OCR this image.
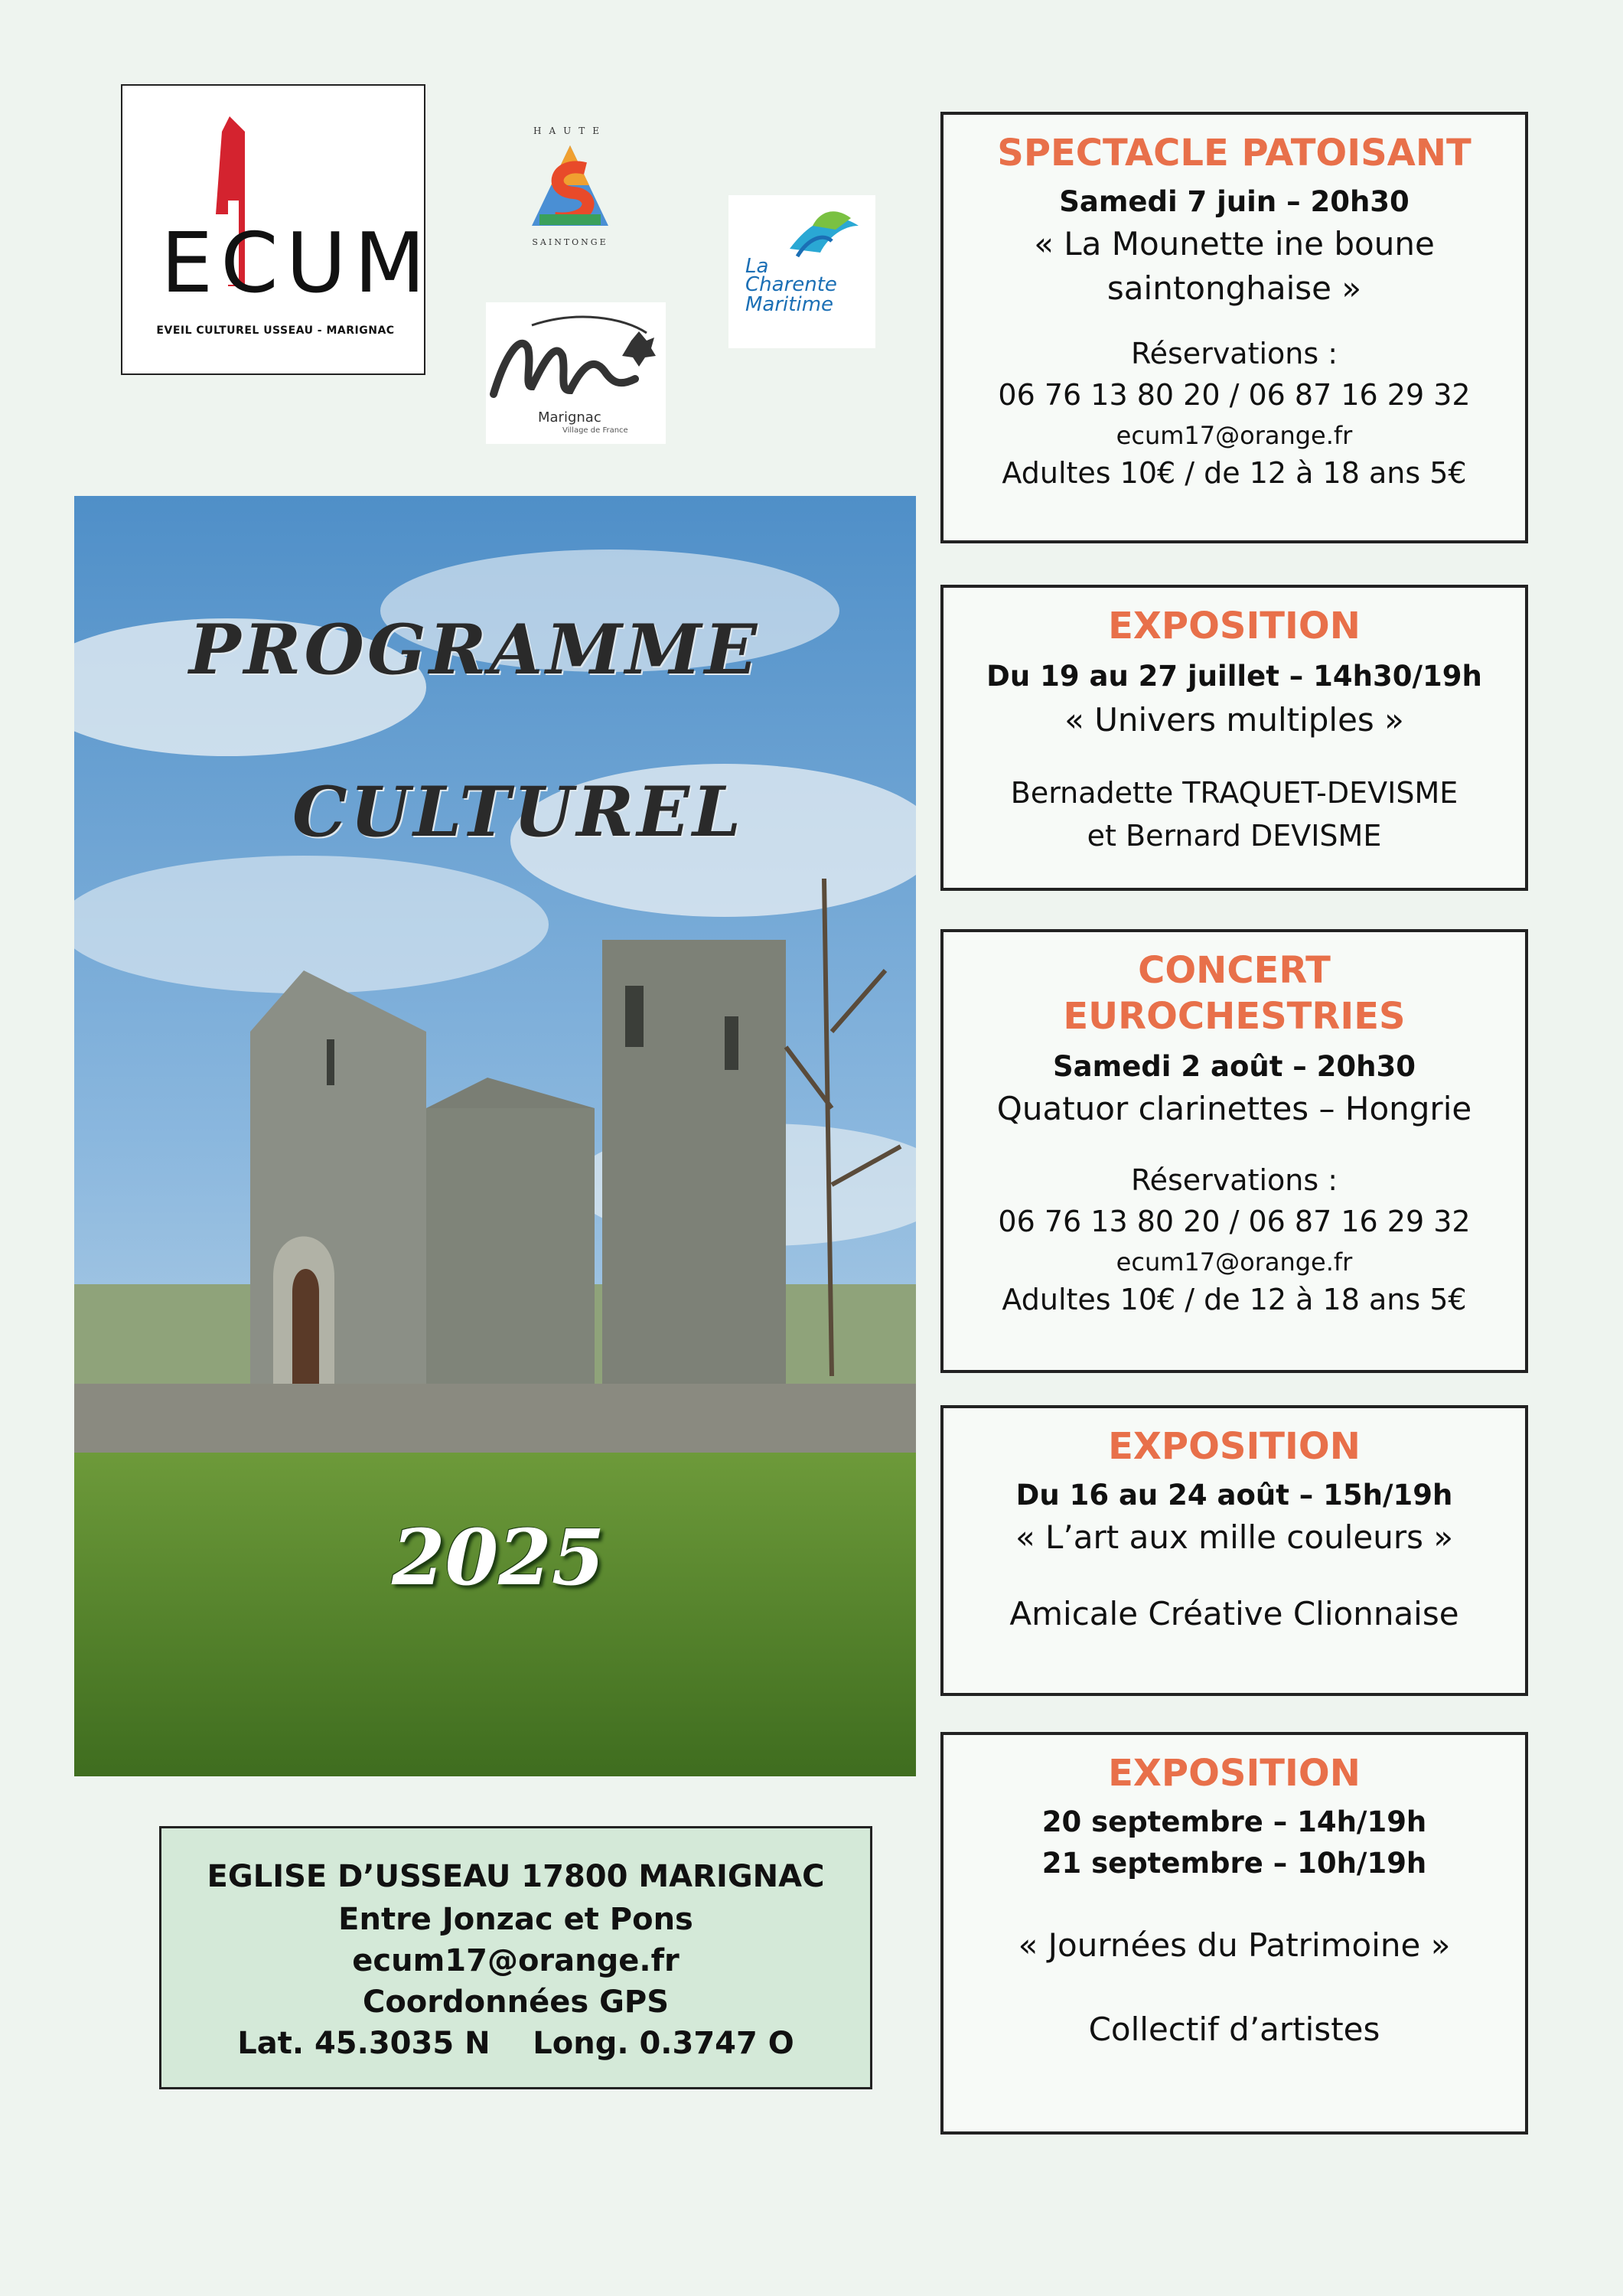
ECUM
EVEIL CULTUREL USSEAU - MARIGNAC
HAUTE
SAINTONGE
La
Charente
Maritime
Marignac
Village de France
PROGRAMME
CULTUREL
2025
EGLISE D’USSEAU 17800 MARIGNAC
Entre Jonzac et Pons
ecum17@orange.fr
Coordonnées GPS
Lat. 45.3035 N    Long. 0.3747 O
SPECTACLE PATOISANT
Samedi 7 juin – 20h30
« La Mounette ine boune
saintonghaise »
Réservations :
06 76 13 80 20 / 06 87 16 29 32
ecum17@orange.fr
Adultes 10€ / de 12 à 18 ans 5€
EXPOSITION
Du 19 au 27 juillet – 14h30/19h
« Univers multiples »
Bernadette TRAQUET-DEVISME
et Bernard DEVISME
CONCERT
EUROCHESTRIES
Samedi 2 août – 20h30
Quatuor clarinettes – Hongrie
Réservations :
06 76 13 80 20 / 06 87 16 29 32
ecum17@orange.fr
Adultes 10€ / de 12 à 18 ans 5€
EXPOSITION
Du 16 au 24 août – 15h/19h
« L’art aux mille couleurs »
Amicale Créative Clionnaise
EXPOSITION
20 septembre – 14h/19h
21 septembre – 10h/19h
« Journées du Patrimoine »
Collectif d’artistes
